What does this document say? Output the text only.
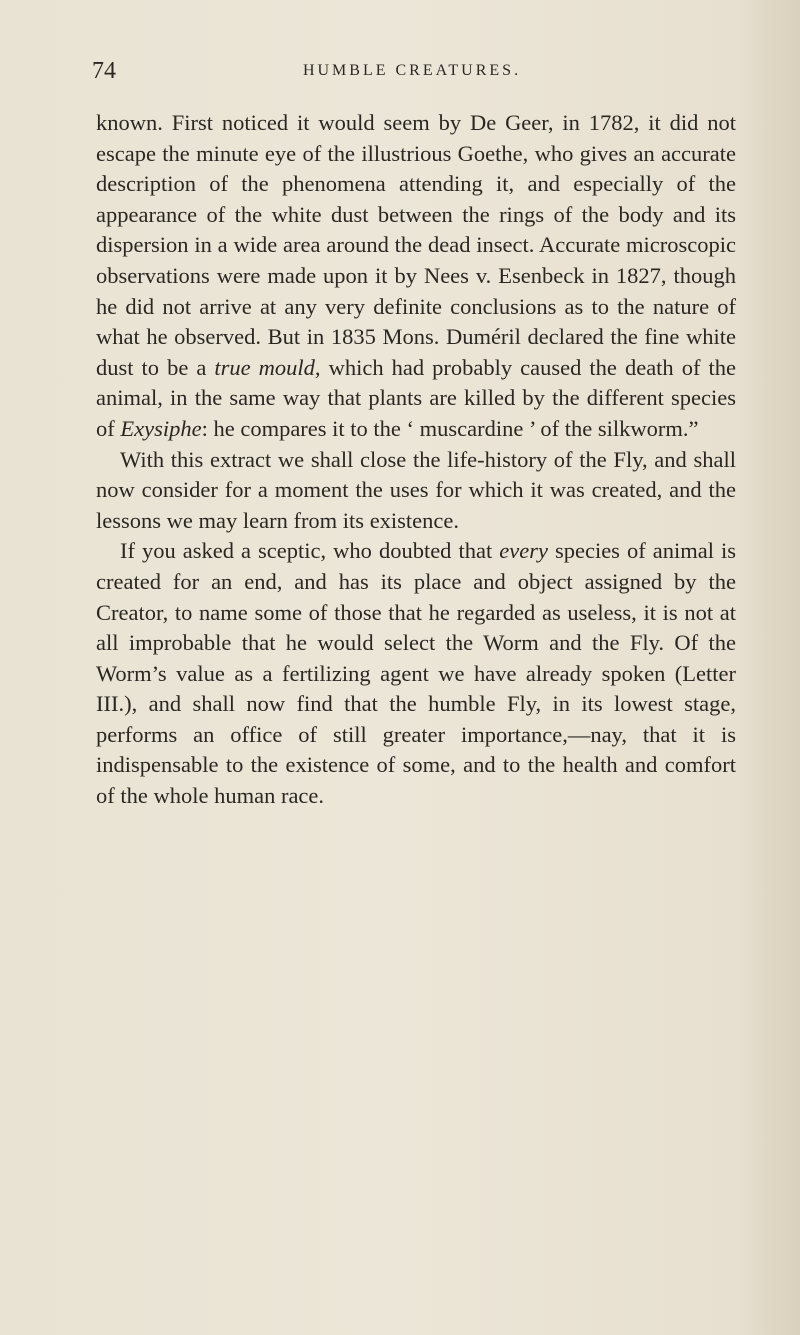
74	HUMBLE CREATURES.

known. First noticed it would seem by De Geer, in 1782, it did not escape the minute eye of the illustrious Goethe, who gives an accurate description of the phenomena attending it, and especially of the appearance of the white dust between the rings of the body and its dispersion in a wide area around the dead insect. Accurate microscopic observations were made upon it by Nees v. Esenbeck in 1827, though he did not arrive at any very definite conclusions as to the nature of what he observed. But in 1835 Mons. Duméril declared the fine white dust to be a true mould, which had probably caused the death of the animal, in the same way that plants are killed by the different species of Exysiphe: he compares it to the ‘ muscardine ’ of the silkworm.”

With this extract we shall close the life-history of the Fly, and shall now consider for a moment the uses for which it was created, and the lessons we may learn from its existence.

If you asked a sceptic, who doubted that every species of animal is created for an end, and has its place and object assigned by the Creator, to name some of those that he regarded as useless, it is not at all improbable that he would select the Worm and the Fly. Of the Worm’s value as a fertilizing agent we have already spoken (Letter III.), and shall now find that the humble Fly, in its lowest stage, performs an office of still greater importance,—nay, that it is indispensable to the existence of some, and to the health and comfort of the whole human race.
